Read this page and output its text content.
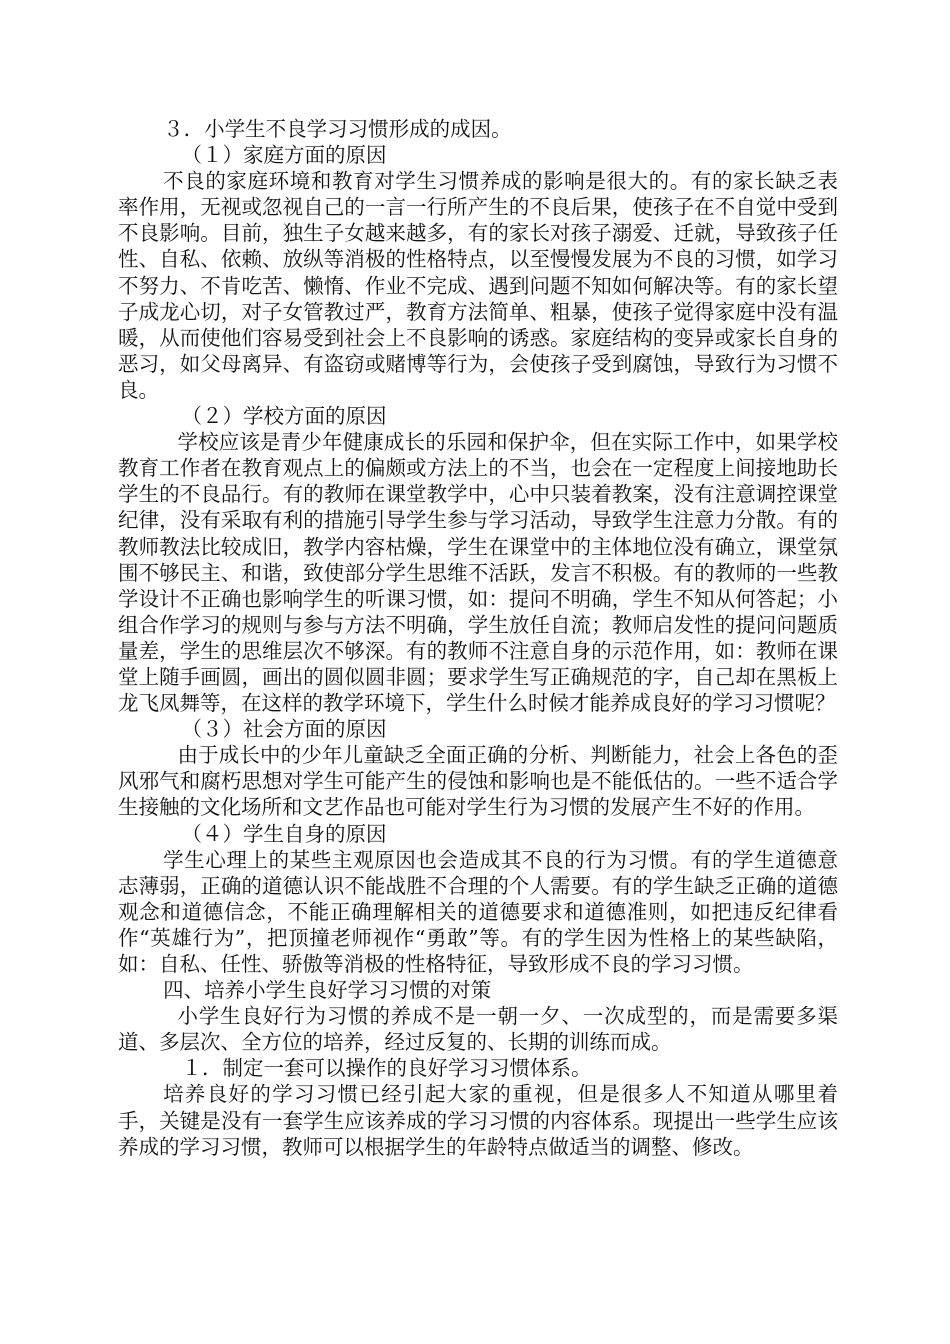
３．小学生不良学习习惯形成的成因。

（１）家庭方面的原因

不良的家庭环境和教育对学生习惯养成的影响是很大的。有的家长缺乏表率作用，无视或忽视自己的一言一行所产生的不良后果，使孩子在不自觉中受到不良影响。目前，独生子女越来越多，有的家长对孩子溺爱、迁就，导致孩子任性、自私、依赖、放纵等消极的性格特点，以至慢慢发展为不良的习惯，如学习不努力、不肯吃苦、懒惰、作业不完成、遇到问题不知如何解决等。有的家长望子成龙心切，对子女管教过严，教育方法简单、粗暴，使孩子觉得家庭中没有温暖，从而使他们容易受到社会上不良影响的诱惑。家庭结构的变异或家长自身的恶习，如父母离异、有盗窃或赌博等行为，会使孩子受到腐蚀，导致行为习惯不良。

（２）学校方面的原因

学校应该是青少年健康成长的乐园和保护伞，但在实际工作中，如果学校教育工作者在教育观点上的偏颇或方法上的不当，也会在一定程度上间接地助长学生的不良品行。有的教师在课堂教学中，心中只装着教案，没有注意调控课堂纪律，没有采取有利的措施引导学生参与学习活动，导致学生注意力分散。有的教师教法比较成旧，教学内容枯燥，学生在课堂中的主体地位没有确立，课堂氛围不够民主、和谐，致使部分学生思维不活跃，发言不积极。有的教师的一些教学设计不正确也影响学生的听课习惯，如：提问不明确，学生不知从何答起；小组合作学习的规则与参与方法不明确，学生放任自流；教师启发性的提问问题质量差，学生的思维层次不够深。有的教师不注意自身的示范作用，如：教师在课堂上随手画圆，画出的圆似圆非圆；要求学生写正确规范的字，自己却在黑板上龙飞凤舞等，在这样的教学环境下，学生什么时候才能养成良好的学习习惯呢？

（３）社会方面的原因

由于成长中的少年儿童缺乏全面正确的分析、判断能力，社会上各色的歪风邪气和腐朽思想对学生可能产生的侵蚀和影响也是不能低估的。一些不适合学生接触的文化场所和文艺作品也可能对学生行为习惯的发展产生不好的作用。

（４）学生自身的原因

学生心理上的某些主观原因也会造成其不良的行为习惯。有的学生道德意志薄弱，正确的道德认识不能战胜不合理的个人需要。有的学生缺乏正确的道德观念和道德信念，不能正确理解相关的道德要求和道德准则，如把违反纪律看作“英雄行为”，把顶撞老师视作“勇敢”等。有的学生因为性格上的某些缺陷，如：自私、任性、骄傲等消极的性格特征，导致形成不良的学习习惯。

四、培养小学生良好学习习惯的对策

小学生良好行为习惯的养成不是一朝一夕、一次成型的，而是需要多渠道、多层次、全方位的培养，经过反复的、长期的训练而成。

１．制定一套可以操作的良好学习习惯体系。

培养良好的学习习惯已经引起大家的重视，但是很多人不知道从哪里着手，关键是没有一套学生应该养成的学习习惯的内容体系。现提出一些学生应该养成的学习习惯，教师可以根据学生的年龄特点做适当的调整、修改。
